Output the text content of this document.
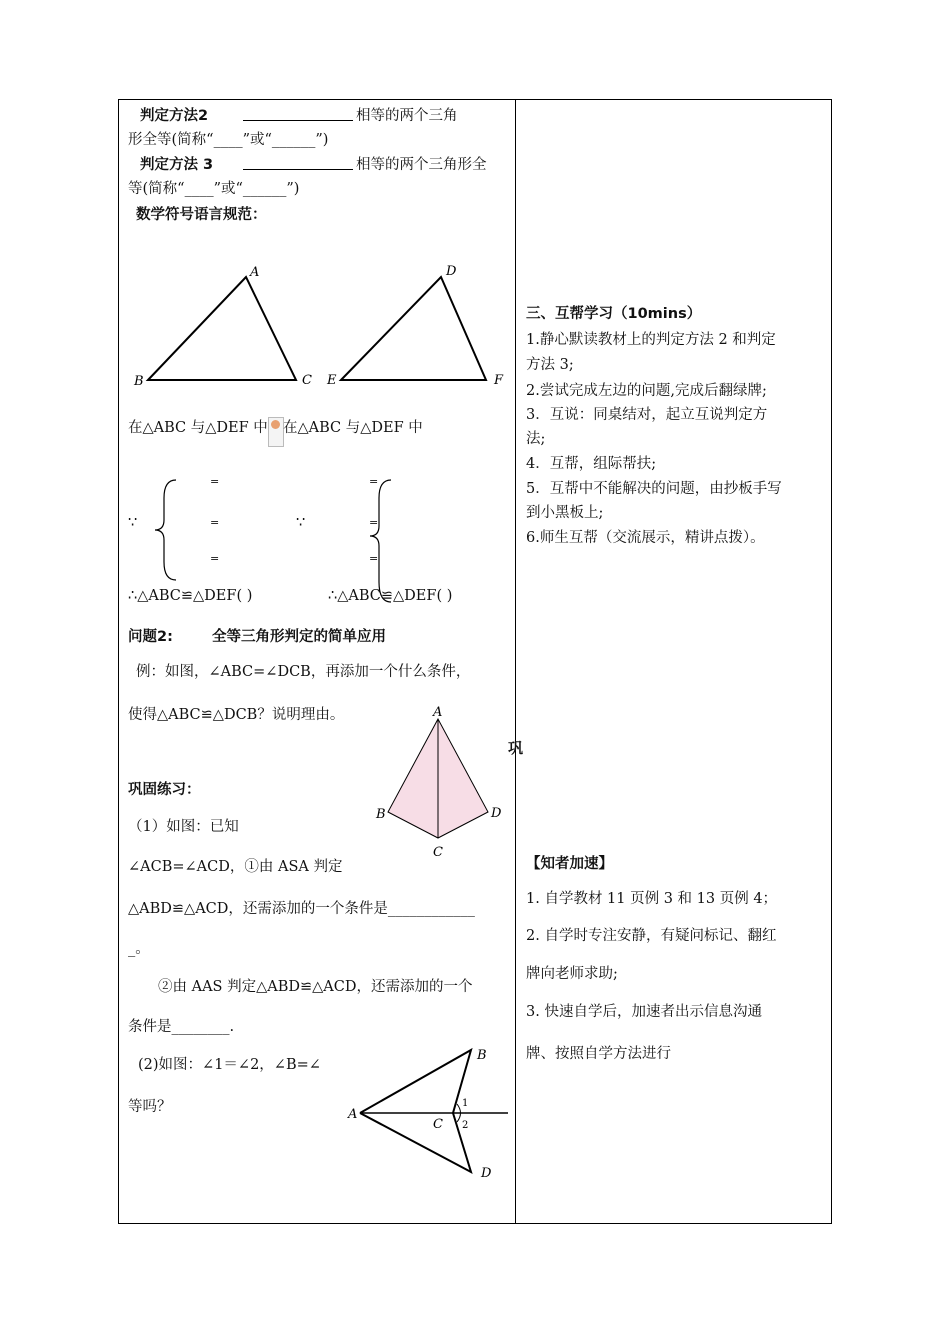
判定方法2	相等的两个三角
形全等(简称“____”或“______”)
判定方法 3	相等的两个三角形全
等(简称“____”或“______”)
数学符号语言规范：
A
B	C
D
E	F
在△ABC 与△DEF 中 在△ABC 与△DEF 中
∵
=
=
=
∵
=
=
=
∴△ABC≌△DEF( )	∴△ABC≌△DEF( )
问题2:	全等三角形判定的简单应用
例：如图，∠ABC=∠DCB，再添加一个什么条件，
使得△ABC≌△DCB？说明理由。	A
B
C
D
巩固练习：
（1）如图：已知
∠ACB=∠ACD，①由 ASA 判定
△ABD≌△ACD，还需添加的一个条件是____________
_。
②由 AAS 判定△ABD≌△ACD，还需添加的一个
条件是________.
(2)如图：∠1＝∠2，∠B=∠
等吗？	A
B
C
D
1
2
巩
三、互帮学习（10mins）
1.静心默读教材上的判定方法 2 和判定
方法 3;
2.尝试完成左边的问题,完成后翻绿牌;
3．互说：同桌结对，起立互说判定方
法;
4．互帮，组际帮扶;
5．互帮中不能解决的问题，由抄板手写
到小黑板上;
6.师生互帮（交流展示，精讲点拨）。
【知者加速】
1. 自学教材 11 页例 3 和 13 页例 4；
2. 自学时专注安静，有疑问标记、翻红
牌向老师求助;
3. 快速自学后，加速者出示信息沟通
牌、按照自学方法进行
